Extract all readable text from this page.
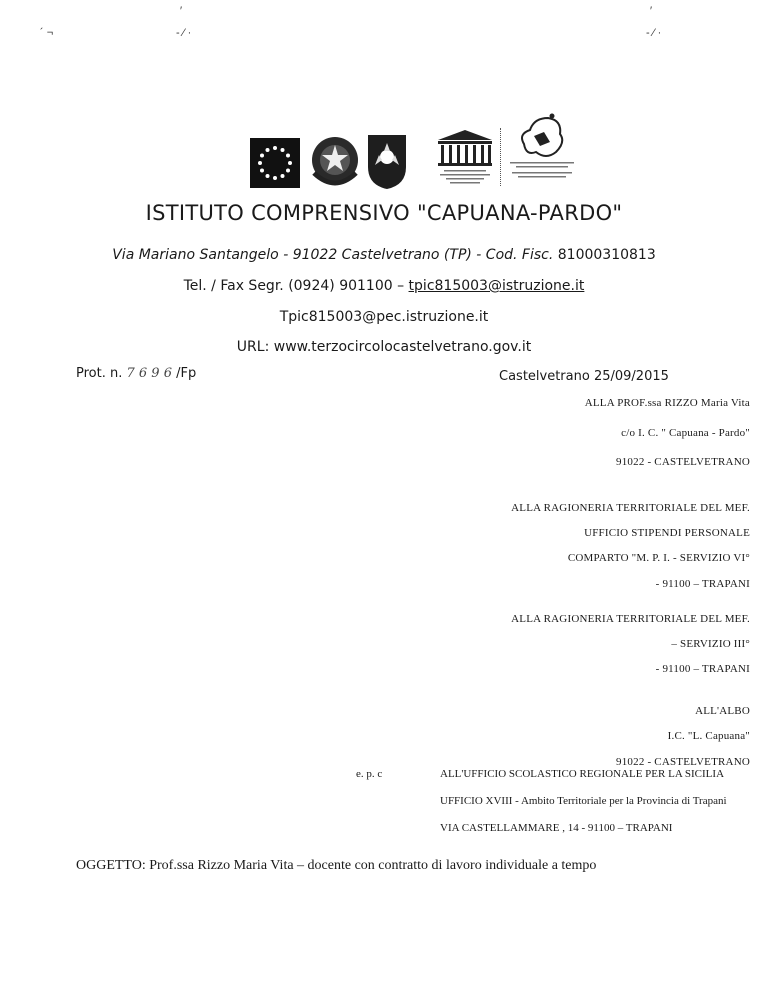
′	′
´ ¬	- ⁄ ·	- ⁄ ·
ISTITUTO COMPRENSIVO "CAPUANA-PARDO"
Via Mariano Santangelo - 91022 Castelvetrano (TP) - Cod. Fisc. 81000310813
Tel. / Fax Segr. (0924) 901100 – tpic815003@istruzione.it
Tpic815003@pec.istruzione.it
URL: www.terzocircolocastelvetrano.gov.it
Prot. n. 7 6 9 6 /Fp	Castelvetrano 25/09/2015
ALLA PROF.ssa RIZZO Maria Vita
c/o I. C. " Capuana - Pardo"
91022 - CASTELVETRANO
ALLA RAGIONERIA TERRITORIALE DEL MEF.
UFFICIO STIPENDI PERSONALE
COMPARTO "M. P. I. - SERVIZIO VI°
- 91100 – TRAPANI
ALLA RAGIONERIA TERRITORIALE DEL MEF.
– SERVIZIO III°
- 91100 – TRAPANI
ALL'ALBO
I.C. "L. Capuana"
91022 - CASTELVETRANO
e. p. c	ALL'UFFICIO SCOLASTICO REGIONALE PER LA SICILIA
UFFICIO XVIII - Ambito Territoriale per la Provincia di Trapani
VIA CASTELLAMMARE , 14 - 91100 – TRAPANI
OGGETTO: Prof.ssa Rizzo Maria Vita – docente con contratto di lavoro individuale a tempo
